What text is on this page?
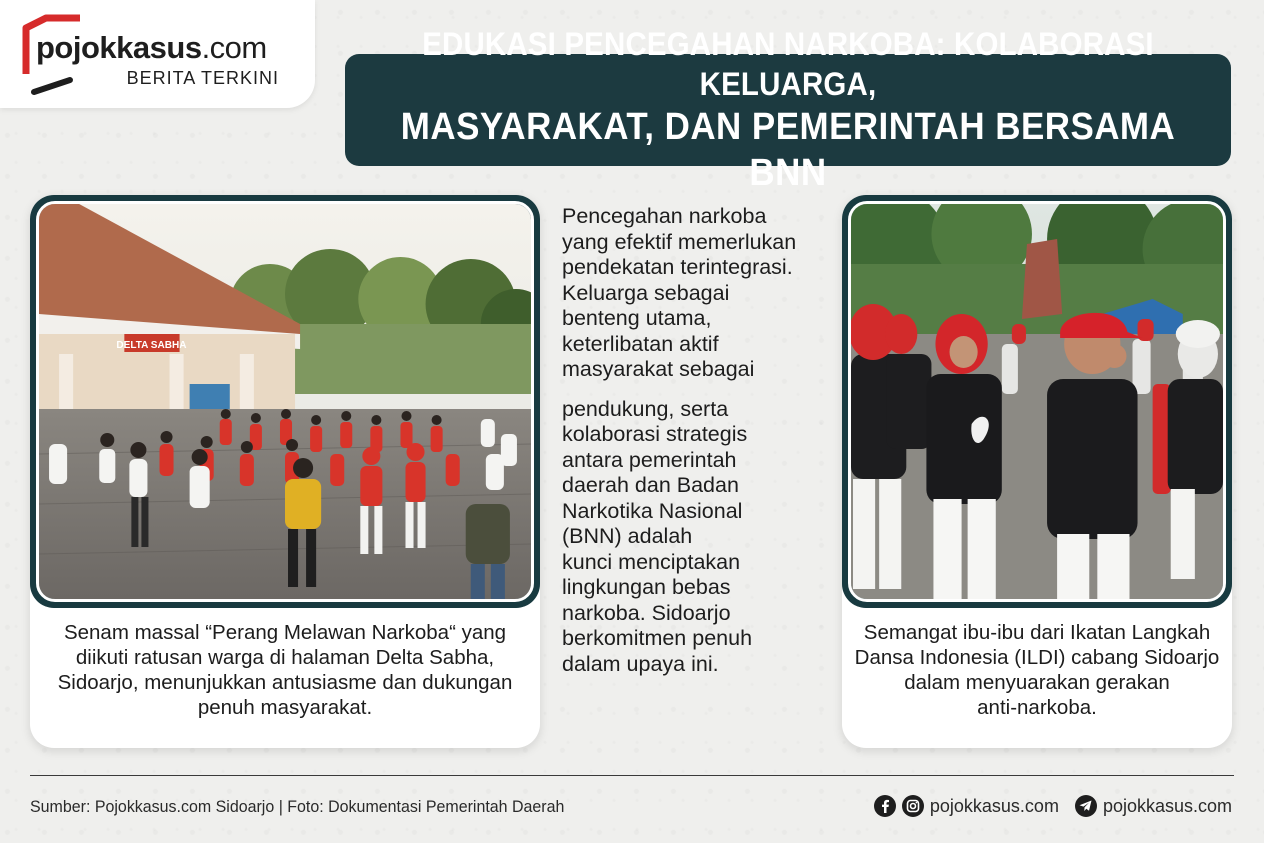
pojokkasus.com
BERITA TERKINI
EDUKASI PENCEGAHAN NARKOBA: KOLABORASI KELUARGA,
MASYARAKAT, DAN PEMERINTAH BERSAMA BNN
DELTA SABHA
Senam massal “Perang Melawan Narkoba“ yang
diikuti ratusan warga di halaman Delta Sabha,
Sidoarjo, menunjukkan antusiasme dan dukungan
penuh masyarakat.

Pencegahan narkoba
yang efektif memerlukan
pendekatan terintegrasi.
Keluarga sebagai
benteng utama,
keterlibatan aktif
masyarakat sebagai

pendukung, serta
kolaborasi strategis
antara pemerintah
daerah dan Badan
Narkotika Nasional
(BNN) adalah
kunci menciptakan
lingkungan bebas
narkoba. Sidoarjo
berkomitmen penuh
dalam upaya ini.

Semangat ibu-ibu dari Ikatan Langkah
Dansa Indonesia (ILDI) cabang Sidoarjo
dalam menyuarakan gerakan
anti-narkoba.
Sumber: Pojokkasus.com Sidoarjo | Foto: Dokumentasi Pemerintah Daerah	pojokkasus.com pojokkasus.com
